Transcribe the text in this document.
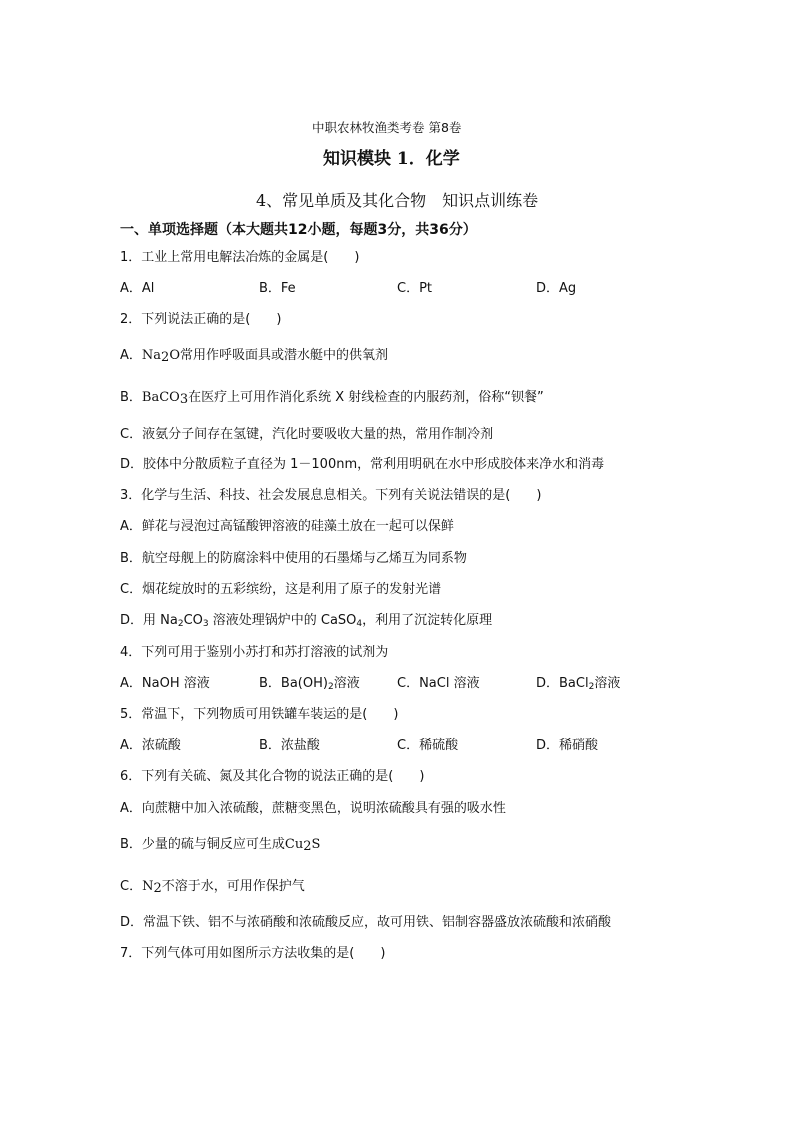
中职农林牧渔类考卷 第8卷
知识模块 1．化学
4、常见单质及其化合物　知识点训练卷
一、单项选择题（本大题共12小题，每题3分，共36分）
1．工业上常用电解法冶炼的金属是(　　)
A．Al	B．Fe	C．Pt	D．Ag
2．下列说法正确的是(　　)
A．$Na_2O$常用作呼吸面具或潜水艇中的供氧剂
B．BaCO$_3$在医疗上可用作消化系统 X 射线检查的内服药剂，俗称“钡餐”
C．液氨分子间存在氢键，汽化时要吸收大量的热，常用作制冷剂
D．胶体中分散质粒子直径为 1－100nm，常利用明矾在水中形成胶体来净水和消毒
3．化学与生活、科技、社会发展息息相关。下列有关说法错误的是(　　)
A．鲜花与浸泡过高锰酸钾溶液的硅藻土放在一起可以保鲜
B．航空母舰上的防腐涂料中使用的石墨烯与乙烯互为同系物
C．烟花绽放时的五彩缤纷，这是利用了原子的发射光谱
D．用 $Na_2CO_3$ 溶液处理锅炉中的 CaSO$_4$，利用了沉淀转化原理
4．下列可用于鉴别小苏打和苏打溶液的试剂为
A．NaOH 溶液	B．$Ba(OH)_2$溶液	C．NaCl 溶液	D．BaCl$_2$溶液
5．常温下，下列物质可用铁罐车装运的是(　　)
A．浓硫酸	B．浓盐酸	C．稀硫酸	D．稀硝酸
6．下列有关硫、氮及其化合物的说法正确的是(　　)
A．向蔗糖中加入浓硫酸，蔗糖变黑色，说明浓硫酸具有强的吸水性
B．少量的硫与铜反应可生成$Cu_2S$
C．$N_2$不溶于水，可用作保护气
D．常温下铁、铝不与浓硝酸和浓硫酸反应，故可用铁、铝制容器盛放浓硫酸和浓硝酸
7．下列气体可用如图所示方法收集的是(　　)
